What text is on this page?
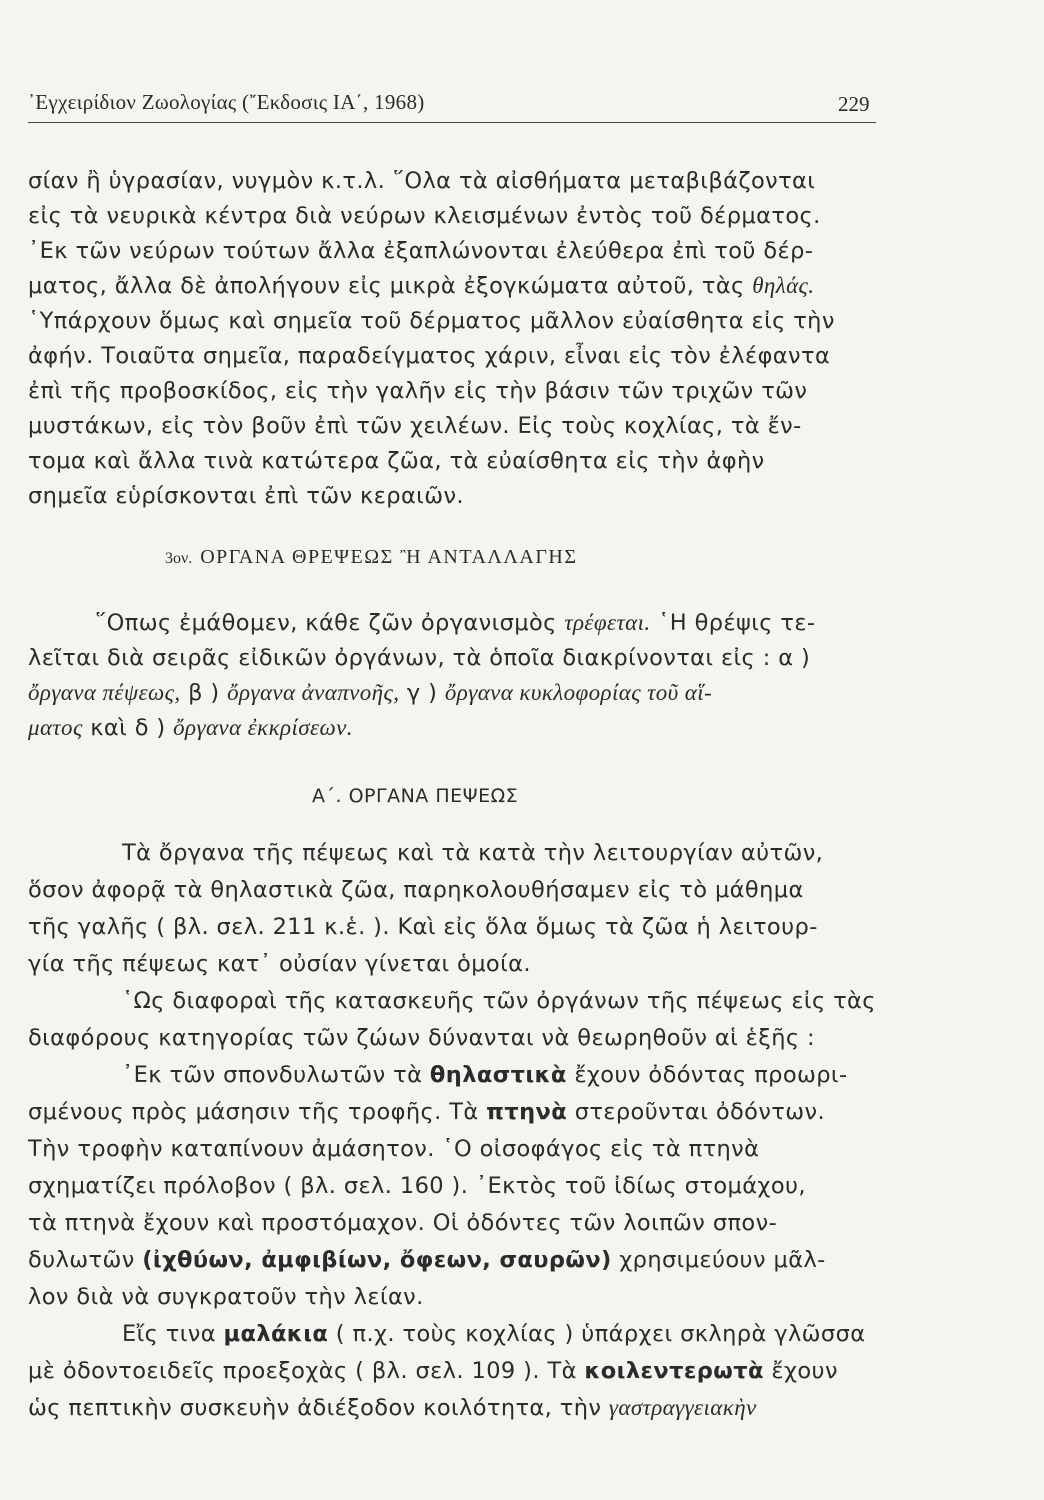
᾿Εγχειρίδιον Ζωολογίας (῎Εκδοσις ΙΑ΄, 1968)	229
σίαν ἢ ὑγρασίαν, νυγμὸν κ.τ.λ. ῞Ολα τὰ αἰσθήματα μεταβιβάζονται
εἰς τὰ νευρικὰ κέντρα διὰ νεύρων κλεισμένων ἐντὸς τοῦ δέρματος.
᾿Εκ τῶν νεύρων τούτων ἄλλα ἐξαπλώνονται ἐλεύθερα ἐπὶ τοῦ δέρ-
ματος, ἄλλα δὲ ἀπολήγουν εἰς μικρὰ ἐξογκώματα αὐτοῦ, τὰς θηλάς.
῾Υπάρχουν ὅμως καὶ σημεῖα τοῦ δέρματος μᾶλλον εὐαίσθητα εἰς τὴν
ἀφήν. Τοιαῦτα σημεῖα, παραδείγματος χάριν, εἶναι εἰς τὸν ἐλέφαντα
ἐπὶ τῆς προβοσκίδος, εἰς τὴν γαλῆν εἰς τὴν βάσιν τῶν τριχῶν τῶν
μυστάκων, εἰς τὸν βοῦν ἐπὶ τῶν χειλέων. Εἰς τοὺς κοχλίας, τὰ ἔν-
τομα καὶ ἄλλα τινὰ κατώτερα ζῶα, τὰ εὐαίσθητα εἰς τὴν ἀφὴν
σημεῖα εὑρίσκονται ἐπὶ τῶν κεραιῶν.
3ον. ΟΡΓΑΝΑ ΘΡΕΨΕΩΣ Ἢ ΑΝΤΑΛΛΑΓΗΣ
῞Οπως ἐμάθομεν, κάθε ζῶν ὀργανισμὸς τρέφεται. ῾Η θρέψις τε-
λεῖται διὰ σειρᾶς εἰδικῶν ὀργάνων, τὰ ὁποῖα διακρίνονται εἰς : α )
ὄργανα πέψεως, β ) ὄργανα ἀναπνοῆς, γ ) ὄργανα κυκλοφορίας τοῦ αἵ-
ματος καὶ δ ) ὄργανα ἐκκρίσεων.
Α΄. ΟΡΓΑΝΑ ΠΕΨΕΩΣ
Τὰ ὄργανα τῆς πέψεως καὶ τὰ κατὰ τὴν λειτουργίαν αὐτῶν,
ὅσον ἀφορᾷ τὰ θηλαστικὰ ζῶα, παρηκολουθήσαμεν εἰς τὸ μάθημα
τῆς γαλῆς ( βλ. σελ. 211 κ.ἑ. ). Καὶ εἰς ὅλα ὅμως τὰ ζῶα ἡ λειτουρ-
γία τῆς πέψεως κατ᾿ οὐσίαν γίνεται ὁμοία.
῾Ως διαφοραὶ τῆς κατασκευῆς τῶν ὀργάνων τῆς πέψεως εἰς τὰς
διαφόρους κατηγορίας τῶν ζώων δύνανται νὰ θεωρηθοῦν αἱ ἑξῆς :
᾿Εκ τῶν σπονδυλωτῶν τὰ θηλαστικὰ ἔχουν ὀδόντας προωρι-
σμένους πρὸς μάσησιν τῆς τροφῆς. Τὰ πτηνὰ στεροῦνται ὀδόντων.
Τὴν τροφὴν καταπίνουν ἀμάσητον. ῾Ο οἰσοφάγος εἰς τὰ πτηνὰ
σχηματίζει πρόλοβον ( βλ. σελ. 160 ). ᾿Εκτὸς τοῦ ἰδίως στομάχου,
τὰ πτηνὰ ἔχουν καὶ προστόμαχον. Οἱ ὀδόντες τῶν λοιπῶν σπον-
δυλωτῶν (ἰχθύων, ἀμφιβίων, ὄφεων, σαυρῶν) χρησιμεύουν μᾶλ-
λον διὰ νὰ συγκρατοῦν τὴν λείαν.
Εἴς τινα μαλάκια ( π.χ. τοὺς κοχλίας ) ὑπάρχει σκληρὰ γλῶσσα
μὲ ὀδοντοειδεῖς προεξοχὰς ( βλ. σελ. 109 ). Τὰ κοιλεντερωτὰ ἔχουν
ὡς πεπτικὴν συσκευὴν ἀδιέξοδον κοιλότητα, τὴν γαστραγγειακὴν
